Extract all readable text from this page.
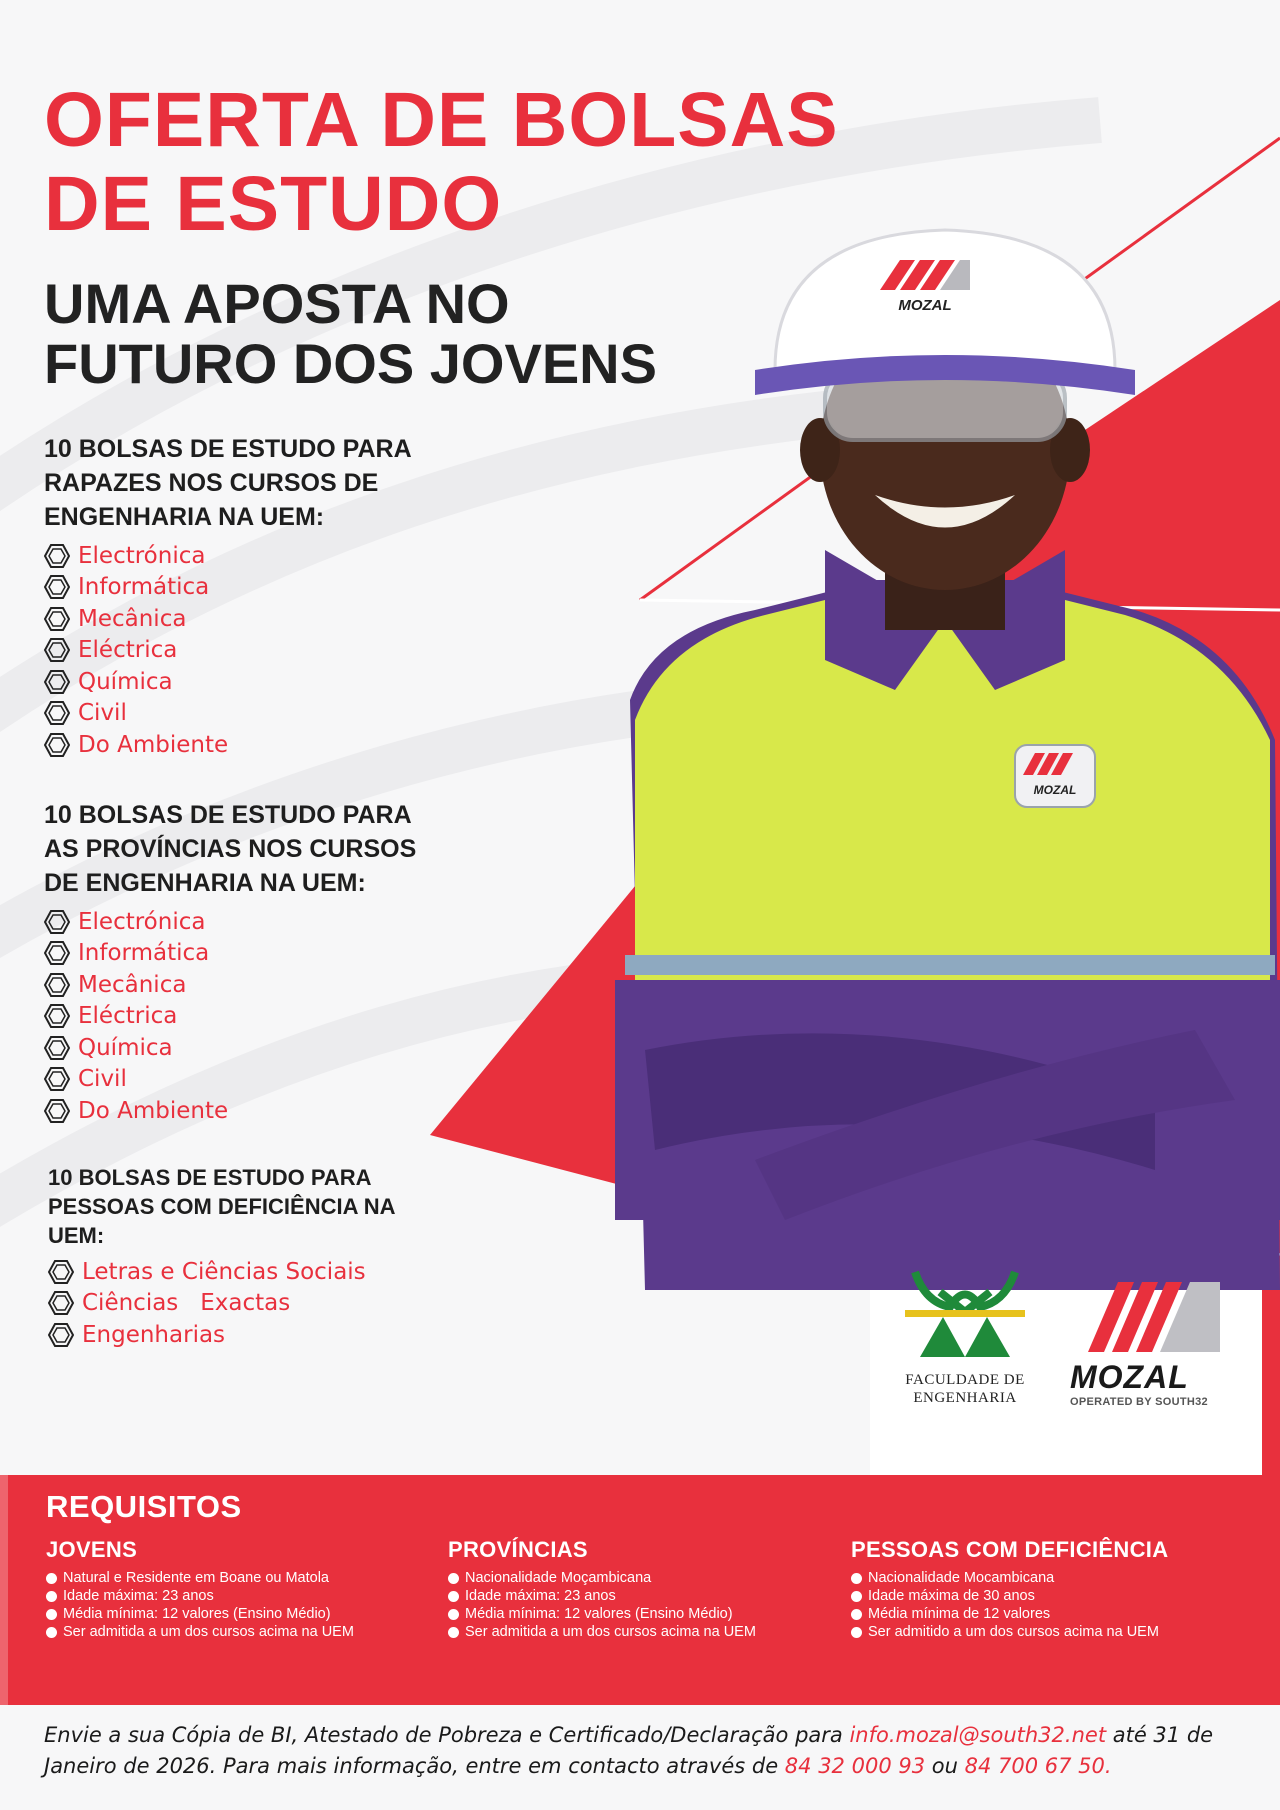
MOZAL
MOZAL
OFERTA DE BOLSAS
DE ESTUDO
UMA APOSTA NO
FUTURO DOS JOVENS
10 BOLSAS DE ESTUDO PARA
RAPAZES NOS CURSOS DE
ENGENHARIA NA UEM:
Electrónica
Informática
Mecânica
Eléctrica
Química
Civil
Do Ambiente
10 BOLSAS DE ESTUDO PARA
AS PROVÍNCIAS NOS CURSOS
DE ENGENHARIA NA UEM:
Electrónica
Informática
Mecânica
Eléctrica
Química
Civil
Do Ambiente
10 BOLSAS DE ESTUDO PARA
PESSOAS COM DEFICIÊNCIA NA
UEM:
Letras e Ciências Sociais
Ciências   Exactas
Engenharias
FACULDADE DE
ENGENHARIA
MOZAL
OPERATED BY SOUTH32
REQUISITOS
JOVENS
Natural e Residente em Boane ou Matola
Idade máxima: 23 anos
Média mínima: 12 valores (Ensino Médio)
Ser admitida a um dos cursos acima na UEM
PROVÍNCIAS
Nacionalidade Moçambicana
Idade máxima: 23 anos
Média mínima: 12 valores (Ensino Médio)
Ser admitida a um dos cursos acima na UEM
PESSOAS COM DEFICIÊNCIA
Nacionalidade Mocambicana
Idade máxima de 30 anos
Média mínima de 12 valores
Ser admitido a um dos cursos acima na UEM
Envie a sua Cópia de BI, Atestado de Pobreza e Certificado/Declaração para info.mozal@south32.net até 31 de Janeiro de 2026. Para mais informação, entre em contacto através de 84 32 000 93 ou 84 700 67 50.
